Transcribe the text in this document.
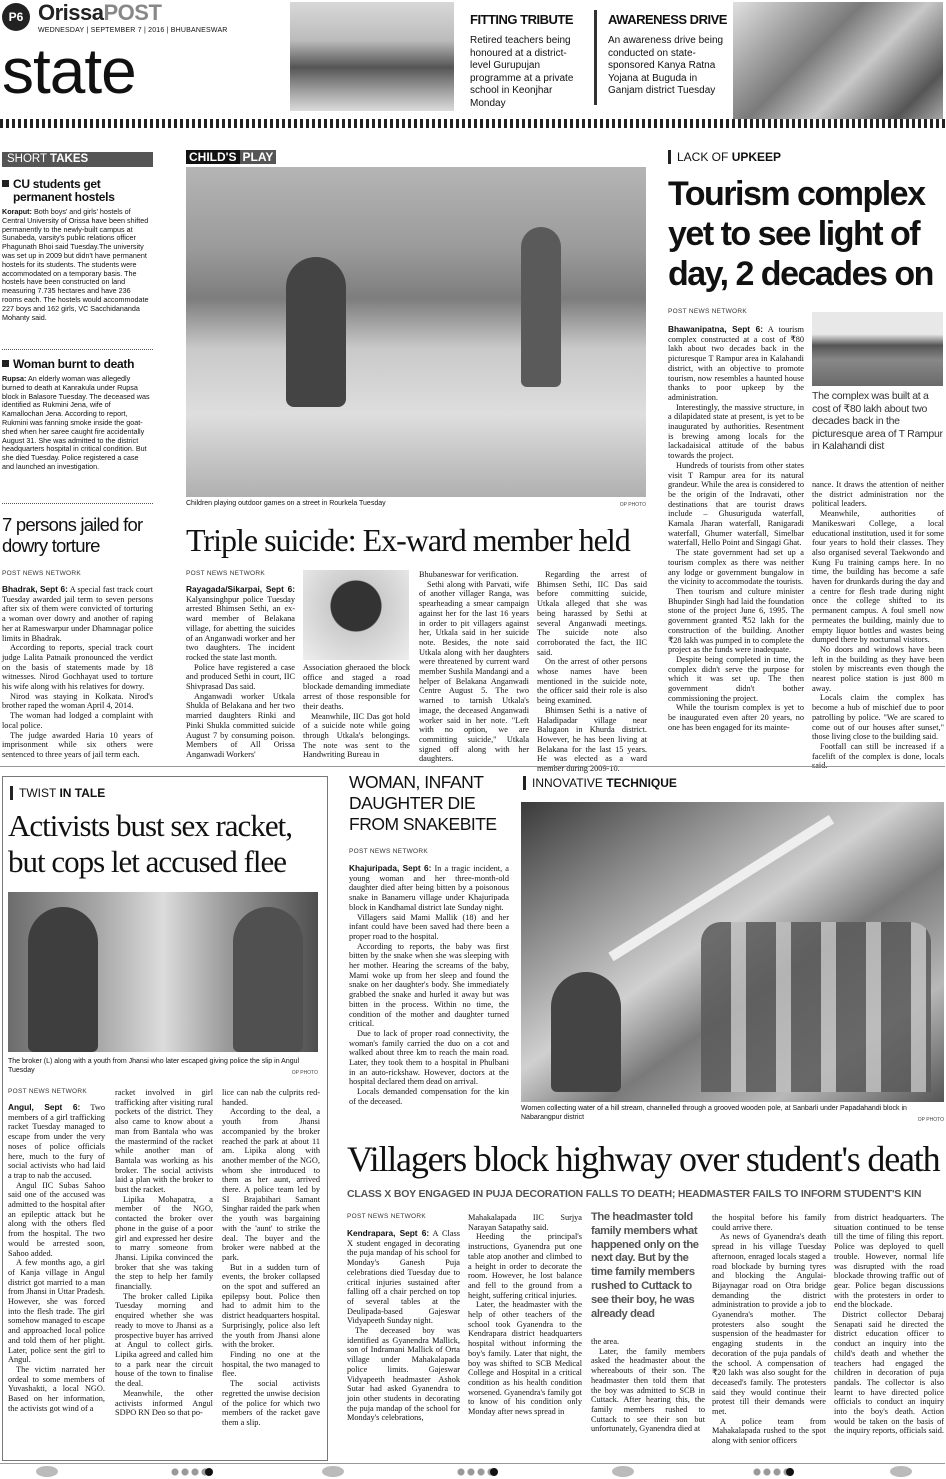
P6 OrissaPOST
WEDNESDAY | SEPTEMBER 7 | 2016 | BHUBANESWAR
state
FITTING TRIBUTE
Retired teachers being honoured at a district-level Gurupujan programme at a private school in Keonjhar Monday
AWARENESS DRIVE
An awareness drive being conducted on state-sponsored Kanya Ratna Yojana at Buguda in Ganjam district Tuesday
SHORT TAKES
CU students get permanent hostels
Koraput: Both boys' and girls' hostels of Central University of Orissa have been shifted permanently to the newly-built campus at Sunabeda, varsity's public relations officer Phagunath Bhoi said Tuesday.The university was set up in 2009 but didn't have permanent hostels for its students. The students were accommodated on a temporary basis. The hostels have been constructed on land measuring 7.735 hectares and have 236 rooms each. The hostels would accommodate 227 boys and 162 girls, VC Sacchidananda Mohanty said.
Woman burnt to death
Rupsa: An elderly woman was allegedly burned to death at Kanrakula under Rupsa block in Balasore Tuesday. The deceased was identified as Rukmini Jena, wife of Kamallochan Jena. According to report, Rukmini was fanning smoke inside the goat-shed when her saree caught fire accidentally August 31. She was admitted to the district headquarters hospital in critical condition. But she died Tuesday. Police registered a case and launched an investigation.
7 persons jailed for dowry torture
POST NEWS NETWORK

Bhadrak, Sept 6: A special fast track court Tuesday awarded jail term to seven persons after six of them were convicted of torturing a woman over dowry and another of raping her at Rameswarpur under Dhamnagar police limits in Bhadrak.

According to reports, special track court judge Lalita Patnaik pronounced the verdict on the basis of statements made by 18 witnesses. Nirod Gochhayat used to torture his wife along with his relatives for dowry.

Nirod was staying in Kolkata. Nirod's brother raped the woman April 4, 2014.

The woman had lodged a complaint with local police.

The judge awarded Haria 10 years of imprisonment while six others were sentenced to three years of jail term each.

CHILD'S PLAY
Children playing outdoor games on a street in Rourkela Tuesday	OP PHOTO
Triple suicide: Ex-ward member held
POST NEWS NETWORK

Rayagada/Sikarpai, Sept 6: Kalyansinghpur police Tuesday arrested Bhimsen Sethi, an ex-ward member of Belakana village, for abetting the suicides of an Anganwadi worker and her two daughters. The incident rocked the state last month.

Police have registered a case and produced Sethi in court, IIC Shivprasad Das said.

Anganwadi worker Utkala Shukla of Belakana and her two married daughters Rinki and Pinki Shukla committed suicide August 7 by consuming poison. Members of All Orissa Anganwadi Workers'

Association gheraoed the block office and staged a road blockade demanding immediate arrest of those responsible for their deaths.

Meanwhile, IIC Das got hold of a suicide note while going through Utkala's belongings. The note was sent to the Handwriting Bureau in

Bhubaneswar for verification.

Sethi along with Parvati, wife of another villager Ranga, was spearheading a smear campaign against her for the last 16 years in order to pit villagers against her, Utkala said in her suicide note. Besides, the note said Utkala along with her daughters were threatened by current ward member Sushila Mandangi and a helper of Belakana Anganwadi Centre August 5. The two warned to tarnish Utkala's image, the deceased Anganwadi worker said in her note. "Left with no option, we are committing suicide," Utkala signed off along with her daughters.

Regarding the arrest of Bhimsen Sethi, IIC Das said before committing suicide, Utkala alleged that she was being harassed by Sethi at several Anganwadi meetings. The suicide note also corroborated the fact, the IIC said.

On the arrest of other persons whose names have been mentioned in the suicide note, the officer said their role is also being examined.

Bhimsen Sethi is a native of Haladipadar village near Balugaon in Khurda district. However, he has been living at Belakana for the last 15 years. He was elected as a ward member during 2009-10.

LACK OF UPKEEP
Tourism complex yet to see light of day, 2 decades on
POST NEWS NETWORK
The complex was built at a cost of ₹80 lakh about two decades back in the picturesque area of T Rampur in Kalahandi dist

Bhawanipatna, Sept 6: A tourism complex constructed at a cost of ₹80 lakh about two decades back in the picturesque T Rampur area in Kalahandi district, with an objective to promote tourism, now resembles a haunted house thanks to poor upkeep by the administration.

Interestingly, the massive structure, in a dilapidated state at present, is yet to be inaugurated by authorities. Resentment is brewing among locals for the lackadaisical attitude of the babus towards the project.

Hundreds of tourists from other states visit T Rampur area for its natural grandeur. While the area is considered to be the origin of the Indravati, other destinations that are tourist draws include – Ghusuriguda waterfall, Kamala Jharan waterfall, Ranigaradi waterfall, Ghumer waterfall, Simelbar waterfall, Hello Point and Singagi Ghat.

The state government had set up a tourism complex as there was neither any lodge or government bungalow in the vicinity to accommodate the tourists.

Then tourism and culture minister Bhupinder Singh had laid the foundation stone of the project June 6, 1995. The government granted ₹52 lakh for the construction of the building. Another ₹28 lakh was pumped in to complete the project as the funds were inadequate.

Despite being completed in time, the complex didn't serve the purpose for which it was set up. The then government didn't bother commissioning the project.

While the tourism complex is yet to be inaugurated even after 20 years, no one has been engaged for its mainte-

nance. It draws the attention of neither the district administration nor the political leaders.

Meanwhile, authorities of Manikeswari College, a local educational institution, used it for some four years to hold their classes. They also organised several Taekwondo and Kung Fu training camps here. In no time, the building has become a safe haven for drunkards during the day and a centre for flesh trade during night once the college shifted to its permanent campus. A foul smell now permeates the building, mainly due to empty liquor bottles and wastes being dumped there by nocturnal visitors.

No doors and windows have been left in the building as they have been stolen by miscreants even though the nearest police station is just 800 m away.

Locals claim the complex has become a hub of mischief due to poor patrolling by police. "We are scared to come out of our houses after sunset," those living close to the building said.

Footfall can still be increased if a facelift of the complex is done, locals said.

TWIST IN TALE
Activists bust sex racket, but cops let accused flee
The broker (L) along with a youth from Jhansi who later escaped giving police the slip in Angul Tuesday	OP PHOTO
POST NEWS NETWORK

Angul, Sept 6: Two members of a girl trafficking racket Tuesday managed to escape from under the very noses of police officials here, much to the fury of social activists who had laid a trap to nab the accused.

Angul IIC Subas Sahoo said one of the accused was admitted to the hospital after an epileptic attack but he along with the others fled from the hospital. The two would be arrested soon, Sahoo added.

A few months ago, a girl of Kanja village in Angul district got married to a man from Jhansi in Uttar Pradesh. However, she was forced into the flesh trade. The girl somehow managed to escape and approached local police and told them of her plight. Later, police sent the girl to Angul.

The victim narrated her ordeal to some members of Yuvashakti, a local NGO. Based on her information, the activists got wind of a

racket involved in girl trafficking after visiting rural pockets of the district. They also came to know about a man from Bantala who was the mastermind of the racket while another man of Bantala was working as his broker. The social activists laid a plan with the broker to bust the racket.

Lipika Mohapatra, a member of the NGO, contacted the broker over phone in the guise of a poor girl and expressed her desire to marry someone from Jhansi. Lipika convinced the broker that she was taking the step to help her family financially.

The broker called Lipika Tuesday morning and enquired whether she was ready to move to Jhansi as a prospective buyer has arrived at Angul to collect girls. Lipika agreed and called him to a park near the circuit house of the town to finalise the deal.

Meanwhile, the other activists informed Angul SDPO RN Deo so that po-

lice can nab the culprits red-handed.

According to the deal, a youth from Jhansi accompanied by the broker reached the park at about 11 am. Lipika along with another member of the NGO, whom she introduced to them as her aunt, arrived there. A police team led by SI Brajabihari Samant Singhar raided the park when the youth was bargaining with the 'aunt' to strike the deal. The buyer and the broker were nabbed at the park.

But in a sudden turn of events, the broker collapsed on the spot and suffered an epilepsy bout. Police then had to admit him to the district headquarters hospital. Surprisingly, police also left the youth from Jhansi alone with the broker.

Finding no one at the hospital, the two managed to flee.

The social activists regretted the unwise decision of the police for which two members of the racket gave them a slip.

WOMAN, INFANT DAUGHTER DIE FROM SNAKEBITE
POST NEWS NETWORK

Khajuripada, Sept 6: In a tragic incident, a young woman and her three-month-old daughter died after being bitten by a poisonous snake in Banameru village under Khajuripada block in Kandhamal district late Sunday night.

Villagers said Mami Mallik (18) and her infant could have been saved had there been a proper road to the hospital.

According to reports, the baby was first bitten by the snake when she was sleeping with her mother. Hearing the screams of the baby, Mami woke up from her sleep and found the snake on her daughter's body. She immediately grabbed the snake and hurled it away but was bitten in the process. Within no time, the condition of the mother and daughter turned critical.

Due to lack of proper road connectivity, the woman's family carried the duo on a cot and walked about three km to reach the main road. Later, they took them to a hospital in Phulbani in an auto-rickshaw. However, doctors at the hospital declared them dead on arrival.

Locals demanded compensation for the kin of the deceased.

INNOVATIVE TECHNIQUE
Women collecting water of a hill stream, channelled through a grooved wooden pole, at Sanbarli under Papadahandi block in Nabarangpur district	OP PHOTO
Villagers block highway over student's death
CLASS X BOY ENGAGED IN PUJA DECORATION FALLS TO DEATH; HEADMASTER FAILS TO INFORM STUDENT'S KIN
POST NEWS NETWORK

Kendrapara, Sept 6: A Class X student engaged in decorating the puja mandap of his school for Monday's Ganesh Puja celebrations died Tuesday due to critical injuries sustained after falling off a chair perched on top of several tables at the Deulipada-based Gajeswar Vidyapeeth Sunday night.

The deceased boy was identified as Gyanendra Mallick, son of Indramani Mallick of Orta village under Mahakalapada police limits. Gajeswar Vidyapeeth headmaster Ashok Sutar had asked Gyanendra to join other students in decorating the puja mandap of the school for Monday's celebrations,

Mahakalapada IIC Surjya Narayan Satapathy said.

Heeding the principal's instructions, Gyanendra put one table atop another and climbed to a height in order to decorate the room. However, he lost balance and fell to the ground from a height, suffering critical injuries.

Later, the headmaster with the help of other teachers of the school took Gyanendra to the Kendrapara district headquarters hospital without informing the boy's family. Later that night, the boy was shifted to SCB Medical College and Hospital in a critical condition as his health condition worsened. Gyanendra's family got to know of his condition only Monday after news spread in

The headmaster told family members what happened only on the next day. But by the time family members rushed to Cuttack to see their boy, he was already dead

the area.

Later, the family members asked the headmaster about the whereabouts of their son. The headmaster then told them that the boy was admitted to SCB in Cuttack. After hearing this, the family members rushed to Cuttack to see their son but unfortunately, Gyanendra died at

the hospital before his family could arrive there.

As news of Gyanendra's death spread in his village Tuesday afternoon, enraged locals staged a road blockade by burning tyres and blocking the Angulai-Bijaynagar road on Otra bridge demanding the district administration to provide a job to Gyanendra's mother. The protesters also sought the suspension of the headmaster for engaging students in the decoration of the puja pandals of the school. A compensation of ₹20 lakh was also sought for the deceased's family. The protesters said they would continue their protest till their demands were met.

A police team from Mahakalapada rushed to the spot along with senior officers

from district headquarters. The situation continued to be tense till the time of filing this report. Police was deployed to quell trouble. However, normal life was disrupted with the road blockade throwing traffic out of gear. Police began discussions with the protesters in order to end the blockade.

District collector Debaraj Senapati said he directed the district education officer to conduct an inquiry into the child's death and whether the teachers had engaged the children in decoration of puja pandals. The collector is also learnt to have directed police officials to conduct an inquiry into the boy's death. Action would be taken on the basis of the inquiry reports, officials said.
